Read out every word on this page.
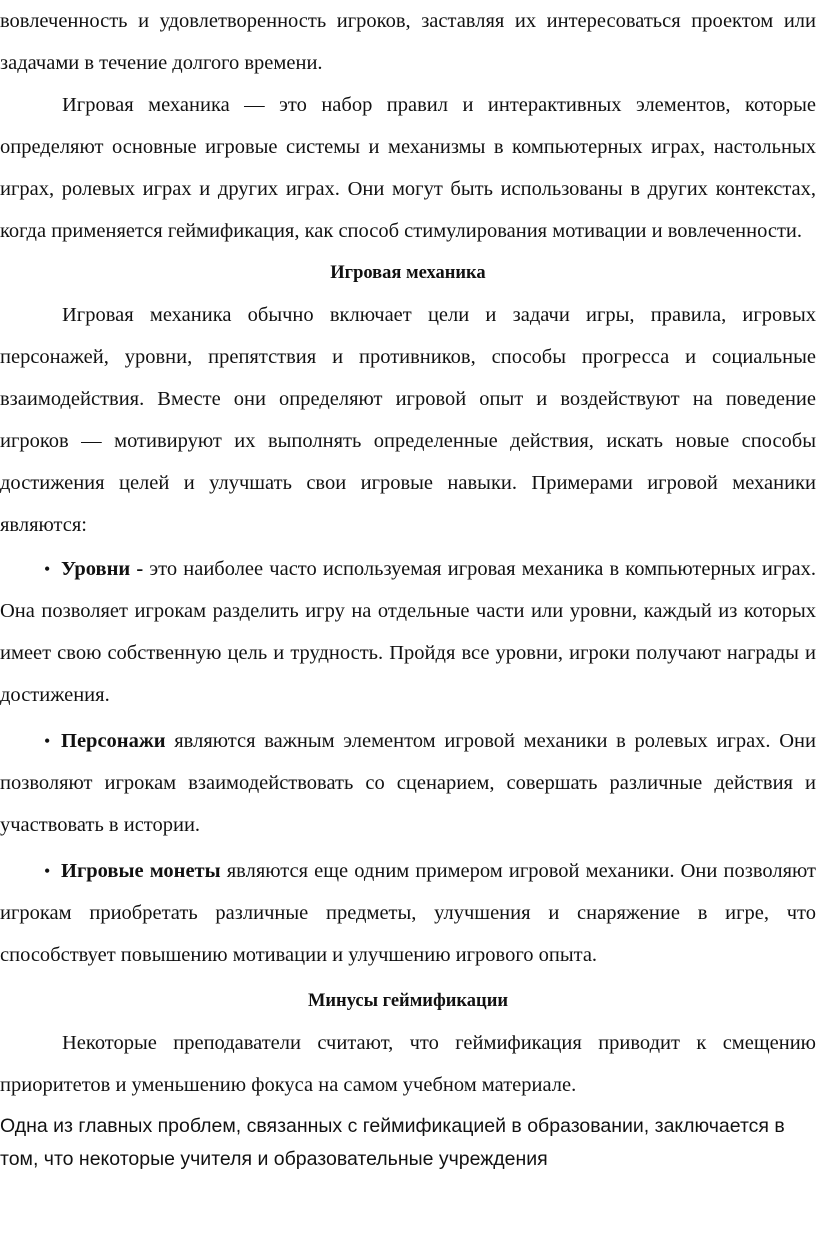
вовлеченность и удовлетворенность игроков, заставляя их интересоваться проектом или задачами в течение долгого времени.

Игровая механика — это набор правил и интерактивных элементов, которые определяют основные игровые системы и механизмы в компьютерных играх, настольных играх, ролевых играх и других играх. Они могут быть использованы в других контекстах, когда применяется геймификация, как способ стимулирования мотивации и вовлеченности.

Игровая механика

Игровая механика обычно включает цели и задачи игры, правила, игровых персонажей, уровни, препятствия и противников, способы прогресса и социальные взаимодействия. Вместе они определяют игровой опыт и воздействуют на поведение игроков — мотивируют их выполнять определенные действия, искать новые способы достижения целей и улучшать свои игровые навыки. Примерами игровой механики являются:

• Уровни - это наиболее часто используемая игровая механика в компьютерных играх. Она позволяет игрокам разделить игру на отдельные части или уровни, каждый из которых имеет свою собственную цель и трудность. Пройдя все уровни, игроки получают награды и достижения.

• Персонажи являются важным элементом игровой механики в ролевых играх. Они позволяют игрокам взаимодействовать со сценарием, совершать различные действия и участвовать в истории.

• Игровые монеты являются еще одним примером игровой механики. Они позволяют игрокам приобретать различные предметы, улучшения и снаряжение в игре, что способствует повышению мотивации и улучшению игрового опыта.

Минусы геймификации

Некоторые преподаватели считают, что геймификация приводит к смещению приоритетов и уменьшению фокуса на самом учебном материале.

Одна из главных проблем, связанных с геймификацией в образовании, заключается в том, что некоторые учителя и образовательные учреждения
